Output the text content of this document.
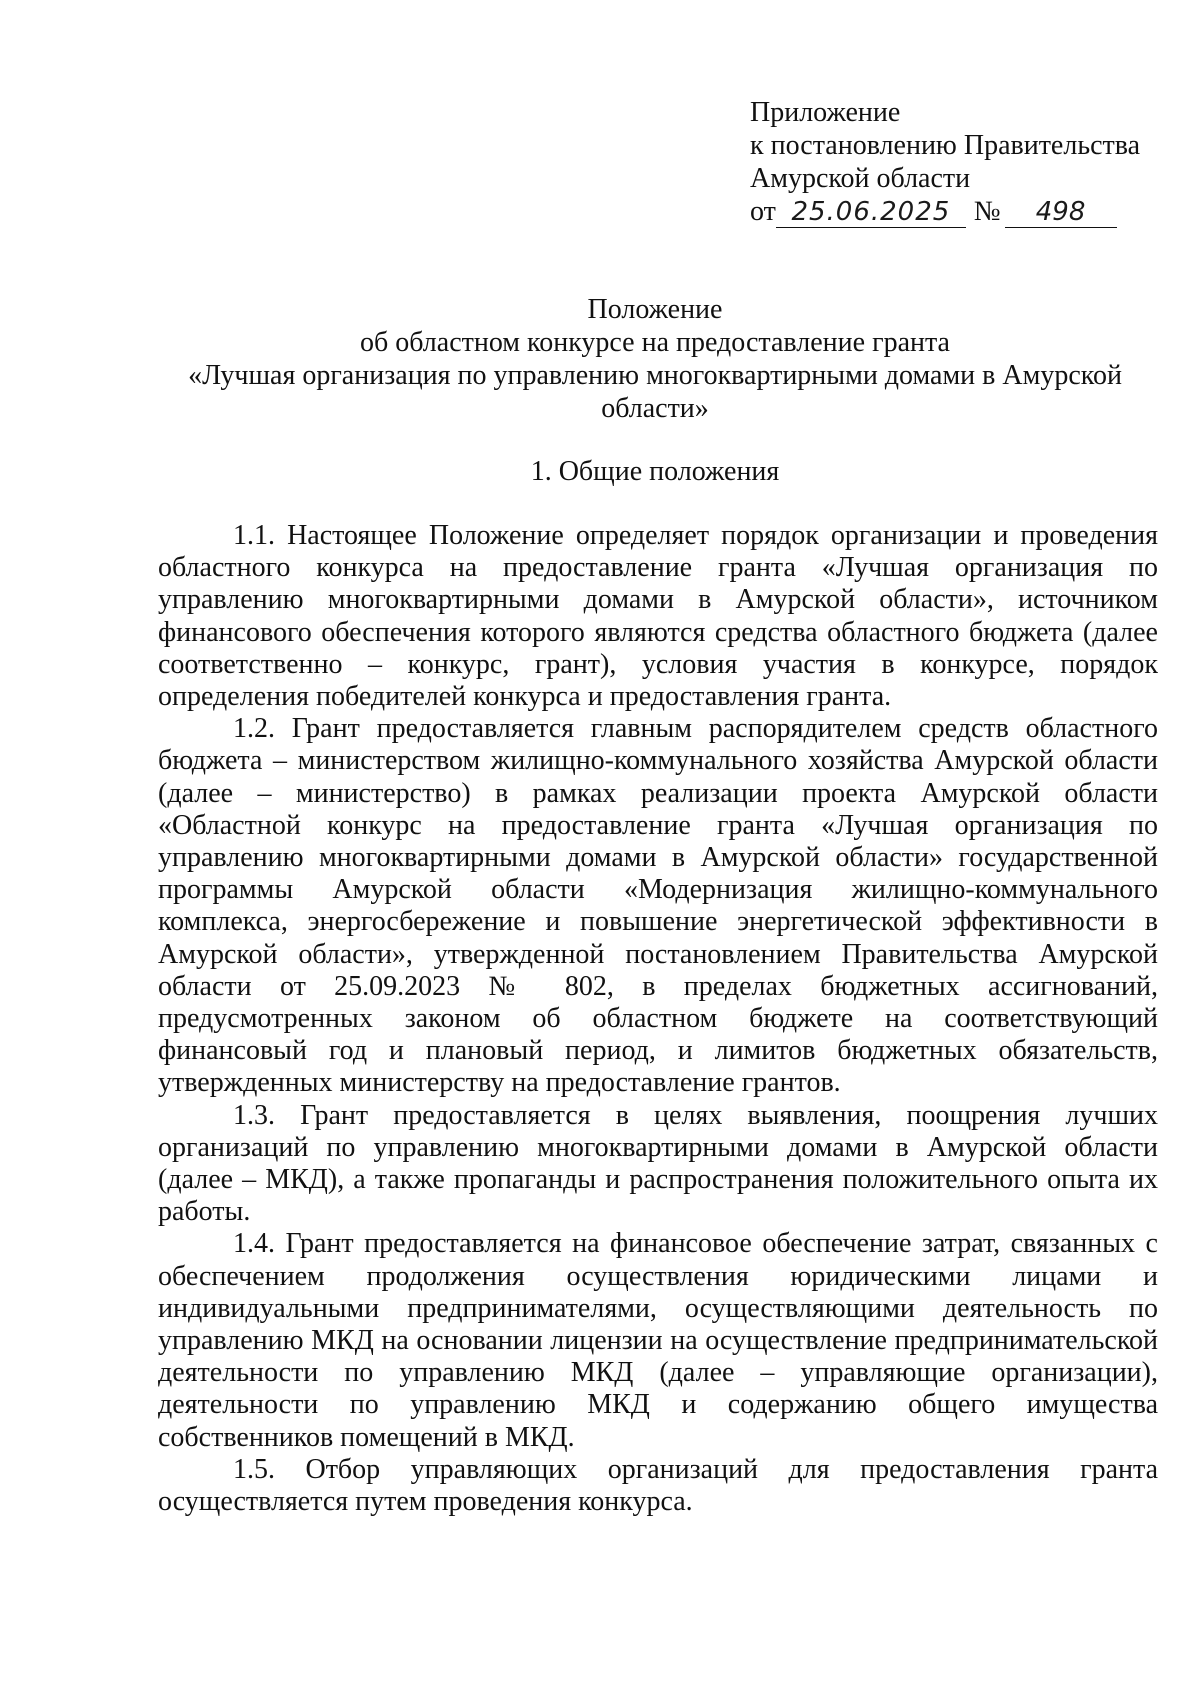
Приложение
к постановлению Правительства
Амурской области
от 25.06.2025 № 498
Положение
об областном конкурсе на предоставление гранта
«Лучшая организация по управлению многоквартирными домами в Амурской области»
1. Общие положения

1.1. Настоящее Положение определяет порядок организации и проведения областного конкурса на предоставление гранта «Лучшая организация по управлению многоквартирными домами в Амурской области», источником финансового обеспечения которого являются средства областного бюджета (далее соответственно – конкурс, грант), условия участия в конкурсе, порядок определения победителей конкурса и предоставления гранта.

1.2. Грант предоставляется главным распорядителем средств областного бюджета – министерством жилищно-коммунального хозяйства Амурской области (далее – министерство) в рамках реализации проекта Амурской области «Областной конкурс на предоставление гранта «Лучшая организация по управлению многоквартирными домами в Амурской области» государственной программы Амурской области «Модернизация жилищно-коммунального комплекса, энергосбережение и повышение энергетической эффективности в Амурской области», утвержденной постановлением Правительства Амурской области от 25.09.2023 № 802, в пределах бюджетных ассигнований, предусмотренных законом об областном бюджете на соответствующий финансовый год и плановый период, и лимитов бюджетных обязательств, утвержденных министерству на предоставление грантов.

1.3. Грант предоставляется в целях выявления, поощрения лучших организаций по управлению многоквартирными домами в Амурской области (далее – МКД), а также пропаганды и распространения положительного опыта их работы.

1.4. Грант предоставляется на финансовое обеспечение затрат, связанных с обеспечением продолжения осуществления юридическими лицами и индивидуальными предпринимателями, осуществляющими деятельность по управлению МКД на основании лицензии на осуществление предпринимательской деятельности по управлению МКД (далее – управляющие организации), деятельности по управлению МКД и содержанию общего имущества собственников помещений в МКД.

1.5. Отбор управляющих организаций для предоставления гранта осуществляется путем проведения конкурса.
